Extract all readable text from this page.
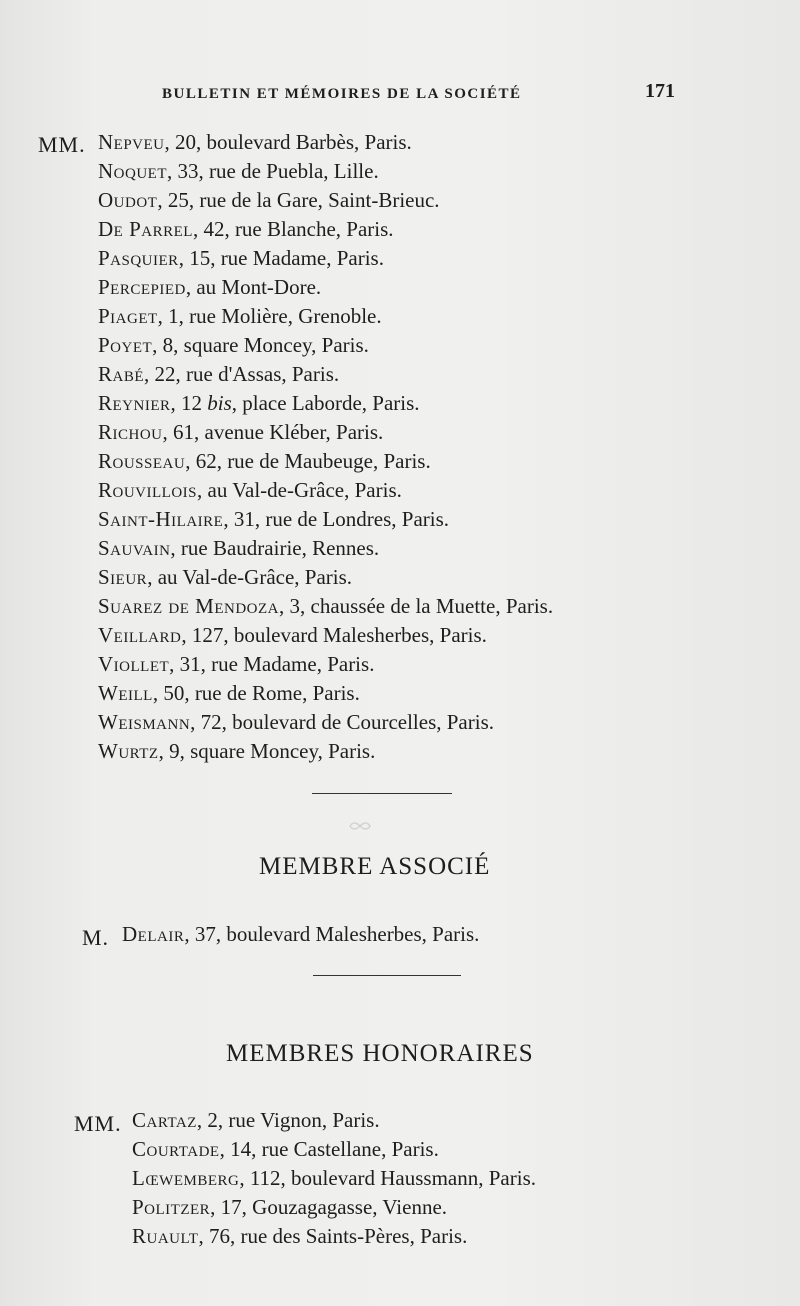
BULLETIN ET MÉMOIRES DE LA SOCIÉTÉ	171
MM. Nepveu, 20, boulevard Barbès, Paris.
Noquet, 33, rue de Puebla, Lille.
Oudot, 25, rue de la Gare, Saint-Brieuc.
De Parrel, 42, rue Blanche, Paris.
Pasquier, 15, rue Madame, Paris.
Percepied, au Mont-Dore.
Piaget, 1, rue Molière, Grenoble.
Poyet, 8, square Moncey, Paris.
Rabé, 22, rue d'Assas, Paris.
Reynier, 12 bis, place Laborde, Paris.
Richou, 61, avenue Kléber, Paris.
Rousseau, 62, rue de Maubeuge, Paris.
Rouvillois, au Val-de-Grâce, Paris.
Saint-Hilaire, 31, rue de Londres, Paris.
Sauvain, rue Baudrairie, Rennes.
Sieur, au Val-de-Grâce, Paris.
Suarez de Mendoza, 3, chaussée de la Muette, Paris.
Veillard, 127, boulevard Malesherbes, Paris.
Viollet, 31, rue Madame, Paris.
Weill, 50, rue de Rome, Paris.
Weismann, 72, boulevard de Courcelles, Paris.
Wurtz, 9, square Moncey, Paris.
MEMBRE ASSOCIÉ
M. Delair, 37, boulevard Malesherbes, Paris.
MEMBRES HONORAIRES
MM. Cartaz, 2, rue Vignon, Paris.
Courtade, 14, rue Castellane, Paris.
Lœwemberg, 112, boulevard Haussmann, Paris.
Politzer, 17, Gouzagagasse, Vienne.
Ruault, 76, rue des Saints-Pères, Paris.
